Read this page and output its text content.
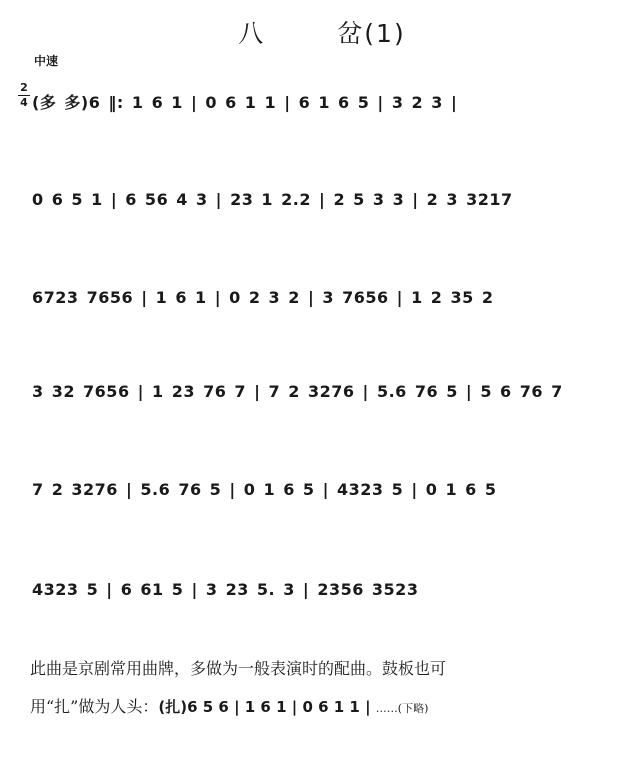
八	岔(1)
中速
2
4 (多 多)6 ‖: 1 6 1 | 0 6 1 1 | 6 1 6 5 | 3 2 3 |
0 6 5 1 | 6 56 4 3 | 23 1 2.2 | 2 5 3 3 | 2 3 3217
6723 7656 | 1 6 1 | 0 2 3 2 | 3 7656 | 1 2 35 2
3 32 7656 | 1 23 76 7 | 7 2 3276 | 5.6 76 5 | 5 6 76 7
7 2 3276 | 5.6 76 5 | 0 1 6 5 | 4323 5 | 0 1 6 5
4323 5 | 6 61 5 | 3 23 5. 3 | 2356 3523
此曲是京剧常用曲牌，多做为一般表演时的配曲。鼓板也可
用“扎”做为人头：(扎)6 5 6 | 1 6 1 | 0 6 1 1 | ……(下略)
